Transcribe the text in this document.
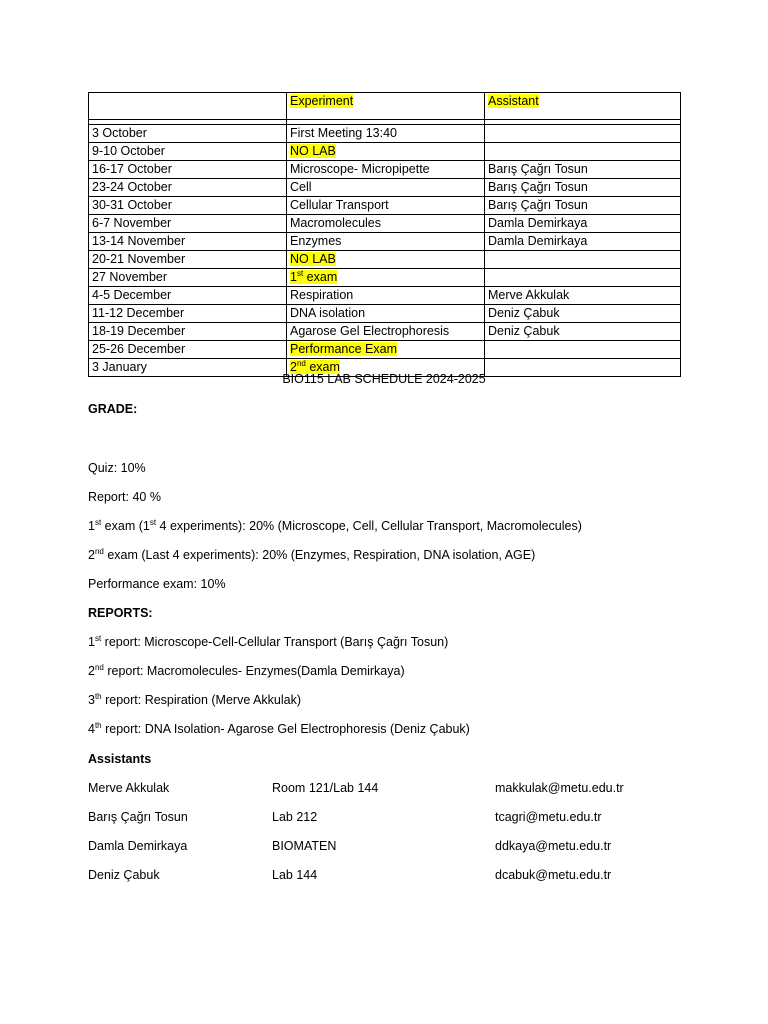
	Experiment	Assistant

3 October	First Meeting 13:40	
9-10 October	NO LAB	
16-17 October	Microscope- Micropipette	Barış Çağrı Tosun
23-24 October	Cell	Barış Çağrı Tosun
30-31 October	Cellular Transport	Barış Çağrı Tosun
6-7 November	Macromolecules	Damla Demirkaya
13-14 November	Enzymes	Damla Demirkaya
20-21 November	NO LAB	
27 November	1st exam	
4-5 December	Respiration	Merve Akkulak
11-12 December	DNA isolation	Deniz Çabuk
18-19 December	Agarose Gel Electrophoresis	Deniz Çabuk
25-26 December	Performance Exam	
3 January	2nd exam	
BIO115 LAB SCHEDULE 2024-2025
GRADE:
Quiz: 10%
Report: 40 %
1st exam (1st 4 experiments): 20% (Microscope, Cell, Cellular Transport, Macromolecules)
2nd exam (Last 4 experiments): 20% (Enzymes, Respiration, DNA isolation, AGE)
Performance exam: 10%
REPORTS:
1st report: Microscope-Cell-Cellular Transport (Barış Çağrı Tosun)
2nd report: Macromolecules- Enzymes(Damla Demirkaya)
3th report: Respiration (Merve Akkulak)
4th report: DNA Isolation- Agarose Gel Electrophoresis (Deniz Çabuk)
Assistants
Merve Akkulak	Room 121/Lab 144	makkulak@metu.edu.tr
Barış Çağrı Tosun	Lab 212	tcagri@metu.edu.tr
Damla Demirkaya	BIOMATEN	ddkaya@metu.edu.tr
Deniz Çabuk	Lab 144	dcabuk@metu.edu.tr
